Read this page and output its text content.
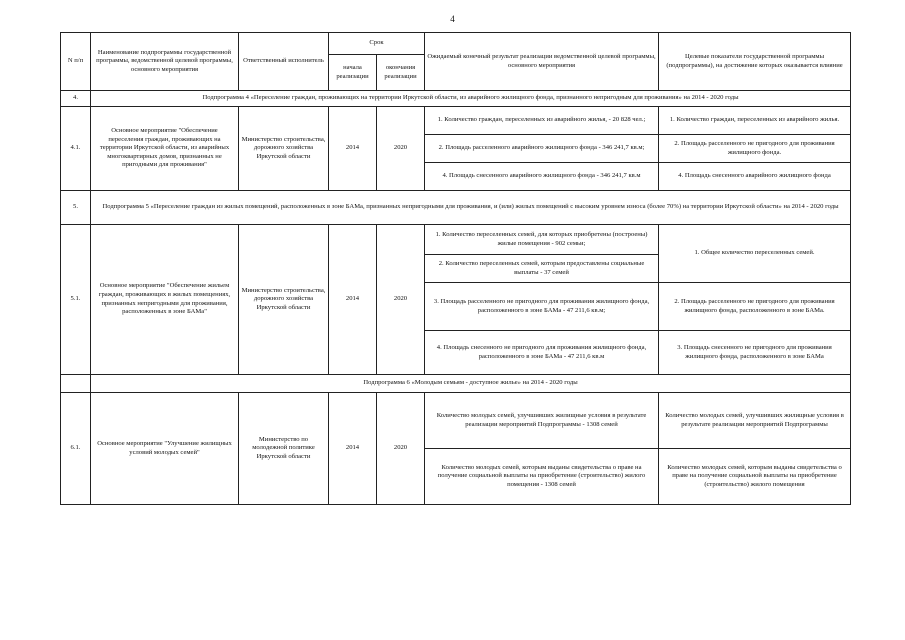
4
N п/п	Наименование подпрограммы государственной программы, ведомственной целевой программы, основного мероприятия	Ответственный исполнитель	Срок		Ожидаемый конечный результат реализации ведомственной целевой программы, основного мероприятия	Целевые показатели государственной программы (подпрограммы), на достижение которых оказывается влияние
			начала реализации	окончания реализации		
4.	Подпрограмма 4 «Переселение граждан, проживающих на территории Иркутской области, из аварийного жилищного фонда, признанного непригодным для проживания» на 2014 - 2020 годы					
4.1.	Основное мероприятие "Обеспечение переселения граждан, проживающих на территории Иркутской области, из аварийных многоквартирных домов, признанных не пригодными для проживания"	Министерство строительства, дорожного хозяйства Иркутской области	2014	2020	1. Количество граждан, переселенных из аварийного жилья, - 20 828 чел.;	1. Количество граждан, переселенных из аварийного жилья.
					2. Площадь расселенного аварийного жилищного фонда - 346 241,7 кв.м;	2. Площадь расселенного не пригодного для проживания жилищного фонда.
					4. Площадь снесенного аварийного жилищного фонда - 346 241,7 кв.м	4. Площадь снесенного аварийного жилищного фонда
5.	Подпрограмма 5 «Переселение граждан из жилых помещений, расположенных в зоне БАМа, признанных непригодными для проживания, и (или) жилых помещений с высоким уровнем износа (более 70%) на территории Иркутской области» на 2014 - 2020 годы					
5.1.	Основное мероприятие "Обеспечение жильем граждан, проживающих в жилых помещениях, признанных непригодными для проживания, расположенных в зоне БАМа"	Министерство строительства, дорожного хозяйства Иркутской области	2014	2020	1. Количество переселенных семей, для которых приобретены (построены) жилые помещения - 902 семьи;	1. Общее количество переселенных семей.
					2. Количество переселенных семей, которым предоставлены социальные выплаты - 37 семей	
					3. Площадь расселенного не пригодного для проживания жилищного фонда, расположенного в зоне БАМа - 47 211,6 кв.м;	2. Площадь расселенного не пригодного для проживания жилищного фонда, расположенного в зоне БАМа.
					4. Площадь снесенного не пригодного для проживания жилищного фонда, расположенного в зоне БАМа - 47 211,6 кв.м	3. Площадь снесенного не пригодного для проживания жилищного фонда, расположенного в зоне БАМа
	Подпрограмма 6 «Молодым семьям - доступное жилье» на 2014 - 2020 годы					
6.1.	Основное мероприятие "Улучшение жилищных условий молодых семей"	Министерство по молодежной политике Иркутской области	2014	2020	Количество молодых семей, улучшивших жилищные условия в результате реализации мероприятий Подпрограммы - 1308 семей	Количество молодых семей, улучшивших жилищные условия в результате реализации мероприятий Подпрограммы
					Количество молодых семей, которым выданы свидетельства о праве на получение социальной выплаты на приобретение (строительство) жилого помещения - 1308 семей	Количество молодых семей, которым выданы свидетельства о праве на получение социальной выплаты на приобретение (строительство) жилого помещения
